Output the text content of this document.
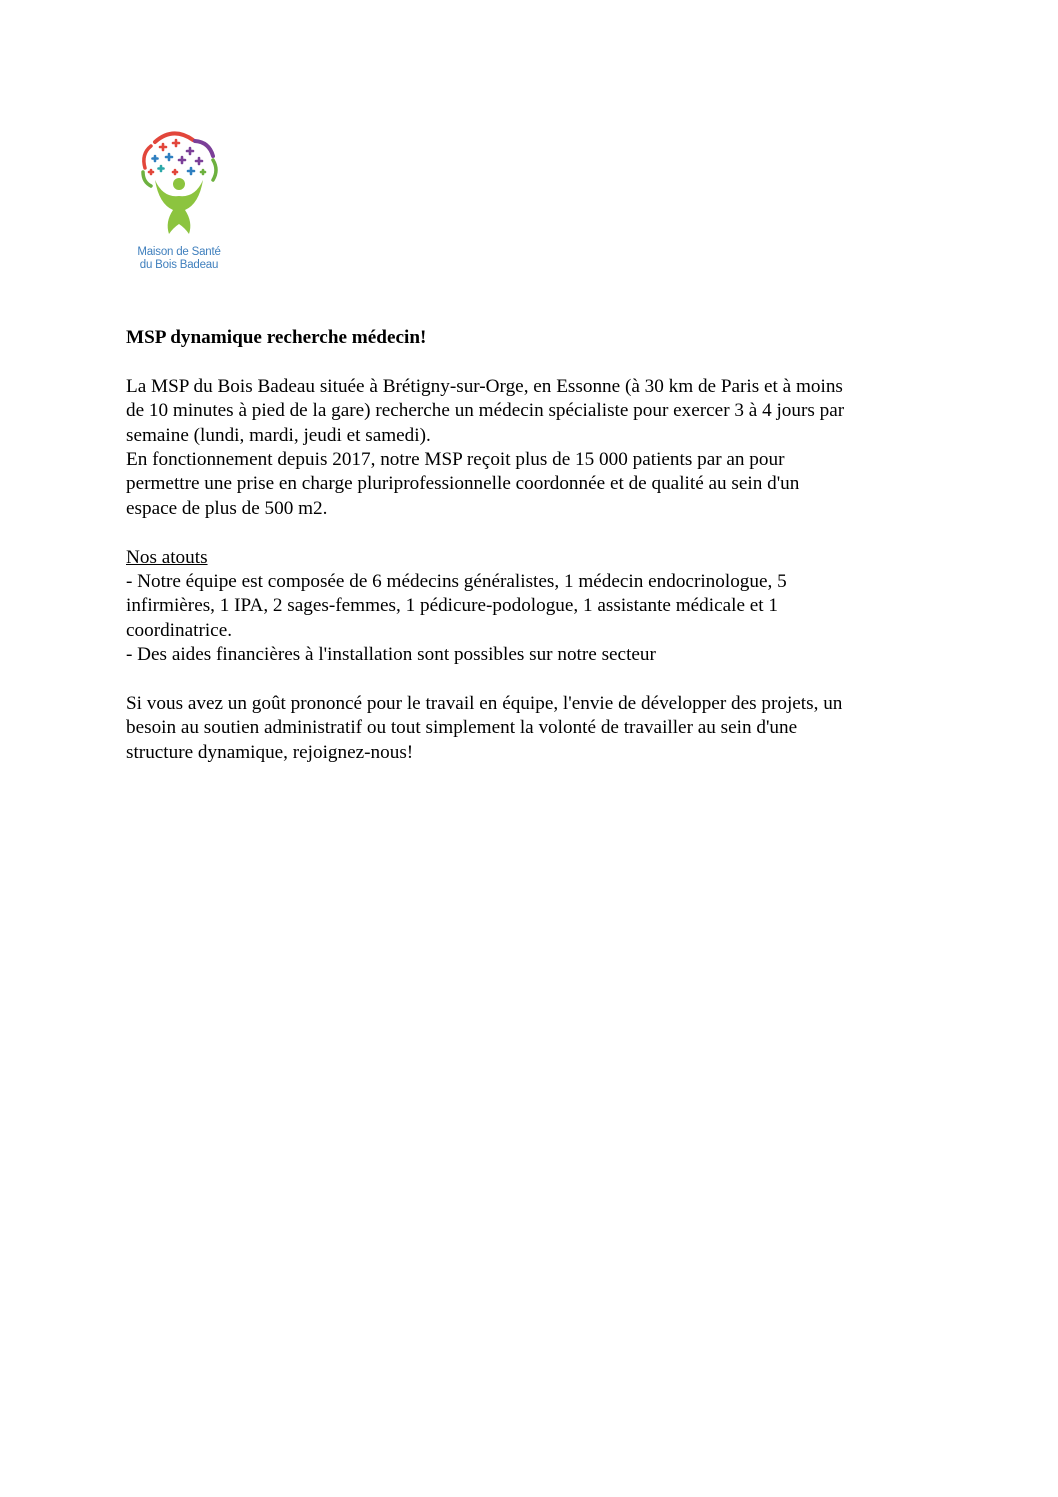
Maison de Santé
du Bois Badeau

MSP dynamique recherche médecin!

La MSP du Bois Badeau située à Brétigny-sur-Orge, en Essonne (à 30 km de Paris et à moins
de 10 minutes à pied de la gare) recherche un médecin spécialiste pour exercer 3 à 4 jours par
semaine (lundi, mardi, jeudi et samedi).
En fonctionnement depuis 2017, notre MSP reçoit plus de 15 000 patients par an pour
permettre une prise en charge pluriprofessionnelle coordonnée et de qualité au sein d'un
espace de plus de 500 m2.
Nos atouts
- Notre équipe est composée de 6 médecins généralistes, 1 médecin endocrinologue, 5
infirmières, 1 IPA, 2 sages-femmes, 1 pédicure-podologue, 1 assistante médicale et 1
coordinatrice.
- Des aides financières à l'installation sont possibles sur notre secteur
Si vous avez un goût prononcé pour le travail en équipe, l'envie de développer des projets, un
besoin au soutien administratif ou tout simplement la volonté de travailler au sein d'une
structure dynamique, rejoignez-nous!
